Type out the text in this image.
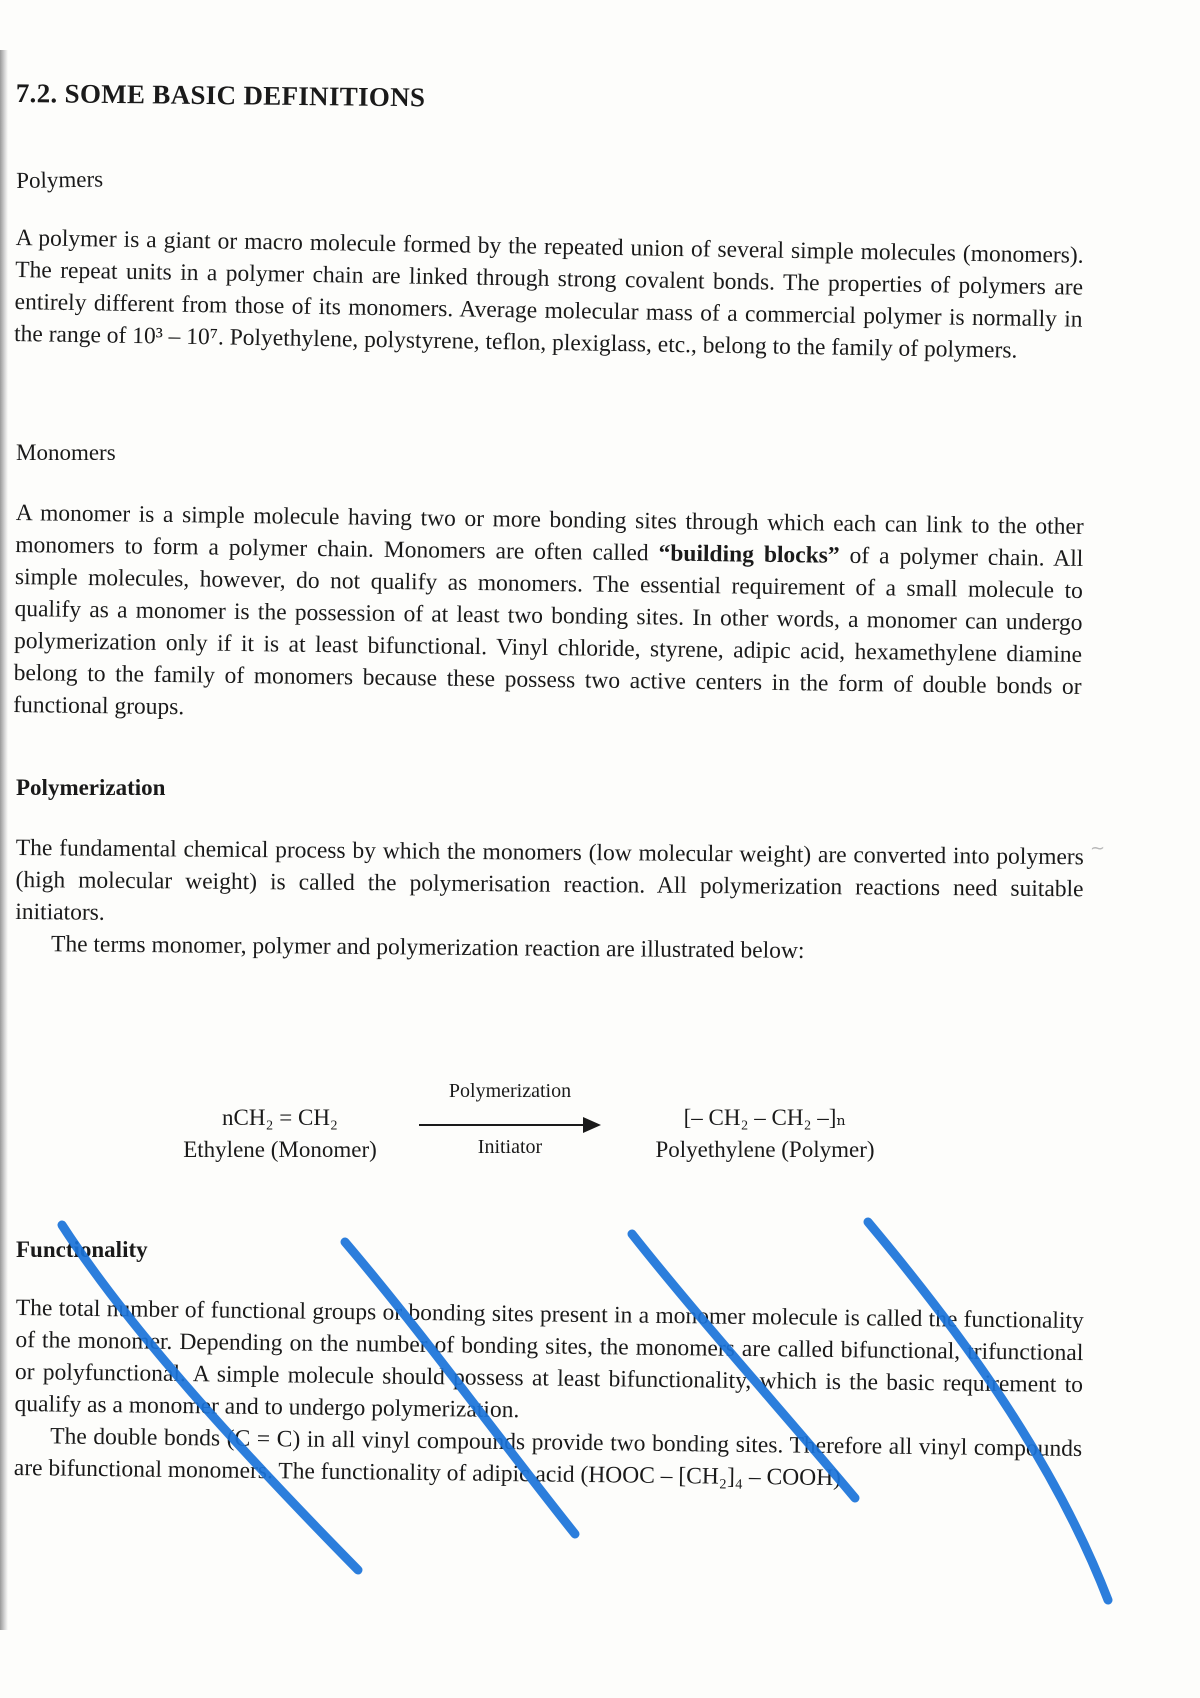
7.2. SOME BASIC DEFINITIONS
Polymers

A polymer is a giant or macro molecule formed by the repeated union of several simple molecules (monomers). The repeat units in a polymer chain are linked through strong covalent bonds. The properties of polymers are entirely different from those of its monomers. Average molecular mass of a commercial polymer is normally in the range of 10³ – 10⁷. Polyethylene, polystyrene, teflon, plexiglass, etc., belong to the family of polymers.

Monomers

A monomer is a simple molecule having two or more bonding sites through which each can link to the other monomers to form a polymer chain. Monomers are often called “building blocks” of a polymer chain. All simple molecules, however, do not qualify as monomers. The essential requirement of a small molecule to qualify as a monomer is the possession of at least two bonding sites. In other words, a monomer can undergo polymerization only if it is at least bifunctional. Vinyl chloride, styrene, adipic acid, hexamethylene diamine belong to the family of monomers because these possess two active centers in the form of double bonds or functional groups.

Polymerization

The fundamental chemical process by which the monomers (low molecular weight) are converted into polymers (high molecular weight) is called the polymerisation reaction. All polymerization reactions need suitable initiators.

The terms monomer, polymer and polymerization reaction are illustrated below:

nCH₂ = CH₂
Ethylene (Monomer)
Polymerization
Initiator
[– CH₂ – CH₂ –]ₙ
Polyethylene (Polymer)
Functionality

The total number of functional groups or bonding sites present in a monomer molecule is called the functionality of the monomer. Depending on the number of bonding sites, the monomers are called bifunctional, trifunctional or polyfunctional. A simple molecule should possess at least bifunctionality, which is the basic requirement to qualify as a monomer and to undergo polymerization.

The double bonds (C = C) in all vinyl compounds provide two bonding sites. Therefore all vinyl compounds are bifunctional monomers. The functionality of adipic acid (HOOC – [CH₂]₄ – COOH)

~
